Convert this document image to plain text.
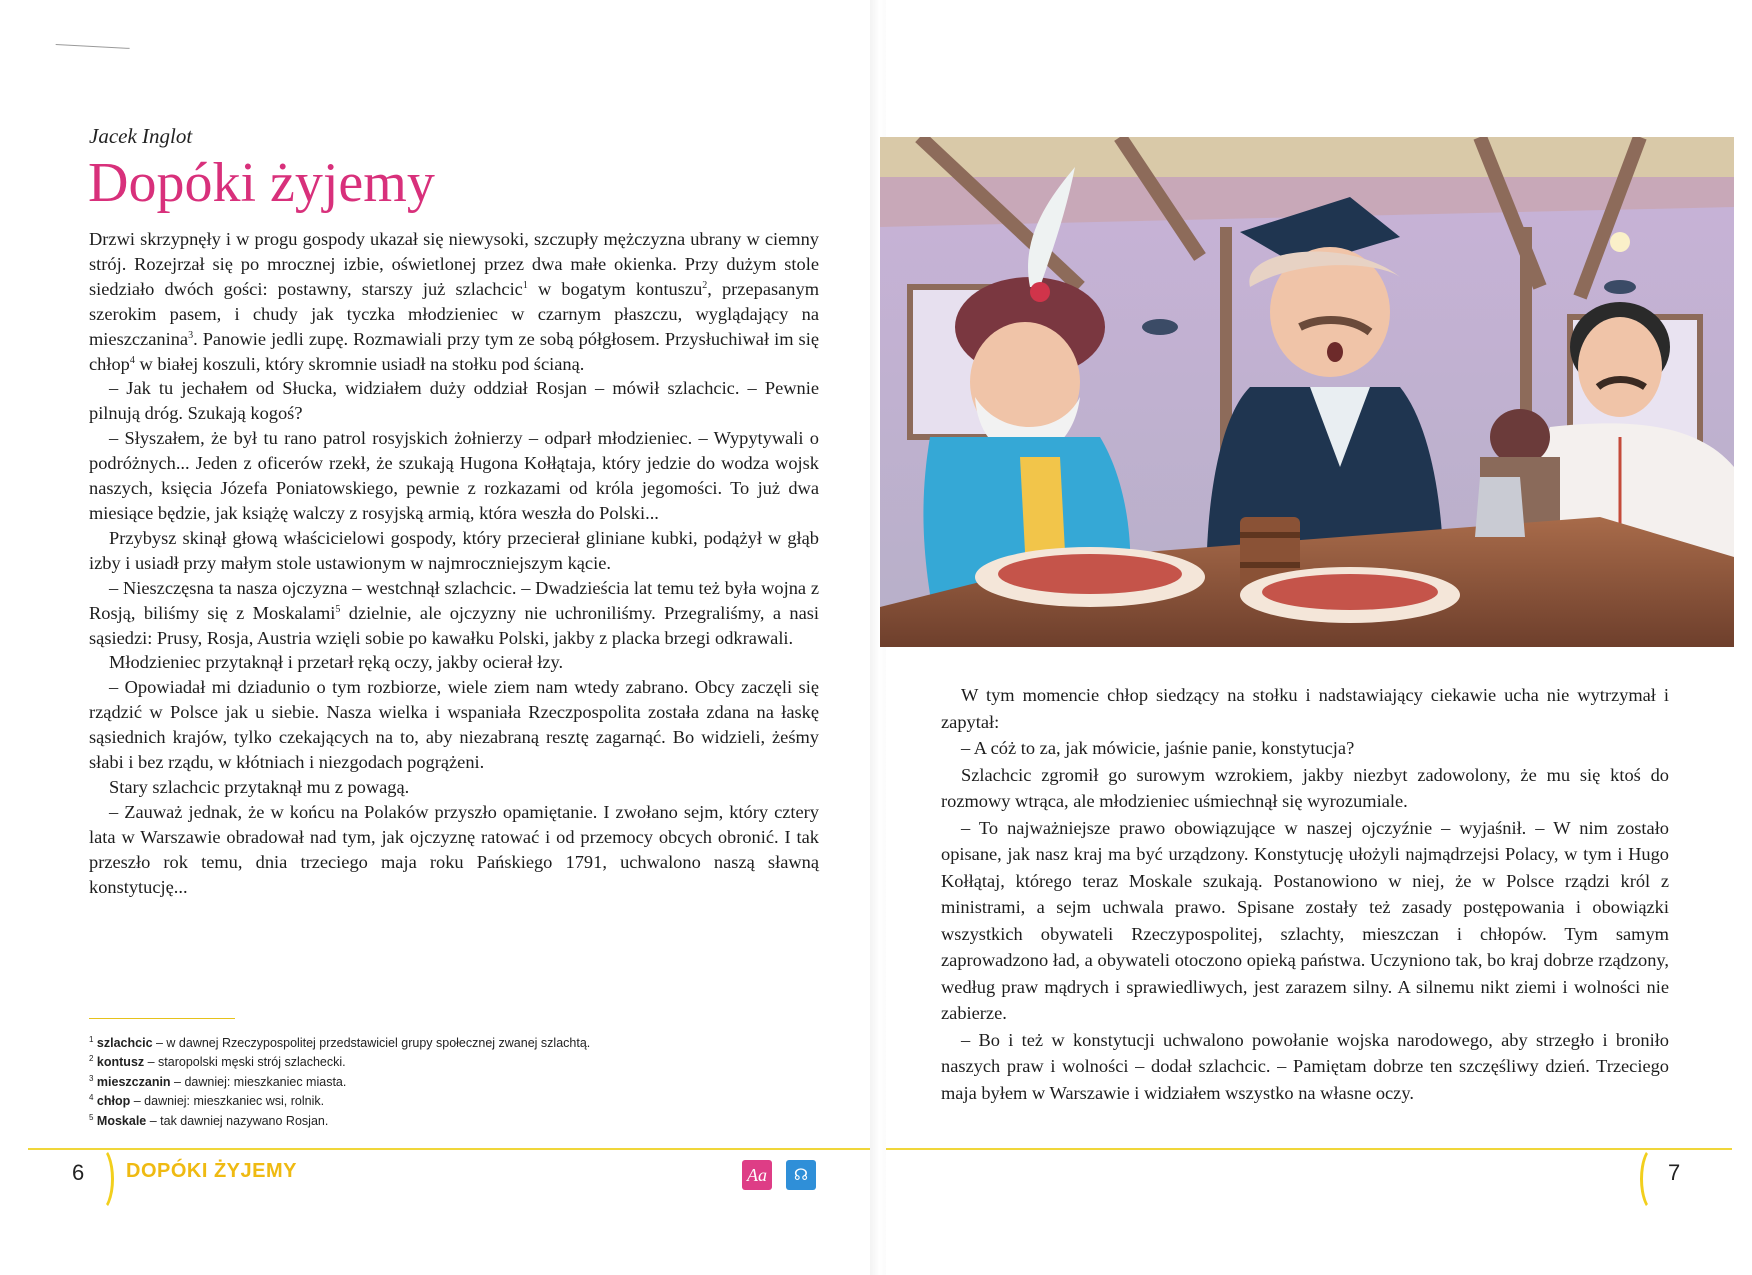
Jacek Inglot
Dopóki żyjemy

Drzwi skrzypnęły i w progu gospody ukazał się niewysoki, szczupły mężczyzna ubrany w ciemny strój. Rozejrzał się po mrocznej izbie, oświetlonej przez dwa małe okienka. Przy dużym stole siedziało dwóch gości: postawny, starszy już szlachcic$^1$ w bogatym kontuszu$^2$, przepasanym szerokim pasem, i chudy jak tyczka młodzieniec w czarnym płaszczu, wyglądający na mieszczanina$^3$. Panowie jedli zupę. Rozmawiali przy tym ze sobą półgłosem. Przysłuchiwał im się chłop$^4$ w białej koszuli, który skromnie usiadł na stołku pod ścianą.

– Jak tu jechałem od Słucka, widziałem duży oddział Rosjan – mówił szlachcic. – Pewnie pilnują dróg. Szukają kogoś?

– Słyszałem, że był tu rano patrol rosyjskich żołnierzy – odparł młodzieniec. – Wypytywali o podróżnych... Jeden z oficerów rzekł, że szukają Hugona Kołłątaja, który jedzie do wodza wojsk naszych, księcia Józefa Poniatowskiego, pewnie z rozkazami od króla jegomości. To już dwa miesiące będzie, jak książę walczy z rosyjską armią, która weszła do Polski...

Przybysz skinął głową właścicielowi gospody, który przecierał gliniane kubki, podążył w głąb izby i usiadł przy małym stole ustawionym w najmroczniejszym kącie.

– Nieszczęsna ta nasza ojczyzna – westchnął szlachcic. – Dwadzieścia lat temu też była wojna z Rosją, biliśmy się z Moskalami$^5$ dzielnie, ale ojczyzny nie uchroniliśmy. Przegraliśmy, a nasi sąsiedzi: Prusy, Rosja, Austria wzięli sobie po kawałku Polski, jakby z placka brzegi odkrawali.

Młodzieniec przytaknął i przetarł ręką oczy, jakby ocierał łzy.

– Opowiadał mi dziadunio o tym rozbiorze, wiele ziem nam wtedy zabrano. Obcy zaczęli się rządzić w Polsce jak u siebie. Nasza wielka i wspaniała Rzeczpospolita została zdana na łaskę sąsiednich krajów, tylko czekających na to, aby niezabraną resztę zagarnąć. Bo widzieli, żeśmy słabi i bez rządu, w kłótniach i niezgodach pogrążeni.

Stary szlachcic przytaknął mu z powagą.

– Zauważ jednak, że w końcu na Polaków przyszło opamiętanie. I zwołano sejm, który cztery lata w Warszawie obradował nad tym, jak ojczyznę ratować i od przemocy obcych obronić. I tak przeszło rok temu, dnia trzeciego maja roku Pańskiego 1791, uchwalono naszą sławną konstytucję...

$^1$ szlachcic – w dawnej Rzeczypospolitej przedstawiciel grupy społecznej zwanej szlachtą.
$^2$ kontusz – staropolski męski strój szlachecki.
$^3$ mieszczanin – dawniej: mieszkaniec miasta.
$^4$ chłop – dawniej: mieszkaniec wsi, rolnik.
$^5$ Moskale – tak dawniej nazywano Rosjan.
6 DOPÓKI ŻYJEMY	Aa	☊	7

W tym momencie chłop siedzący na stołku i nadstawiający ciekawie ucha nie wytrzymał i zapytał:

– A cóż to za, jak mówicie, jaśnie panie, konstytucja?

Szlachcic zgromił go surowym wzrokiem, jakby niezbyt zadowolony, że mu się ktoś do rozmowy wtrąca, ale młodzieniec uśmiechnął się wyrozumiale.

– To najważniejsze prawo obowiązujące w naszej ojczyźnie – wyjaśnił. – W nim zostało opisane, jak nasz kraj ma być urządzony. Konstytucję ułożyli najmądrzejsi Polacy, w tym i Hugo Kołłątaj, którego teraz Moskale szukają. Postanowiono w niej, że w Polsce rządzi król z ministrami, a sejm uchwala prawo. Spisane zostały też zasady postępowania i obowiązki wszystkich obywateli Rzeczypospolitej, szlachty, mieszczan i chłopów. Tym samym zaprowadzono ład, a obywateli otoczono opieką państwa. Uczyniono tak, bo kraj dobrze rządzony, według praw mądrych i sprawiedliwych, jest zarazem silny. A silnemu nikt ziemi i wolności nie zabierze.

– Bo i też w konstytucji uchwalono powołanie wojska narodowego, aby strzegło i broniło naszych praw i wolności – dodał szlachcic. – Pamiętam dobrze ten szczęśliwy dzień. Trzeciego maja byłem w Warszawie i widziałem wszystko na własne oczy.
